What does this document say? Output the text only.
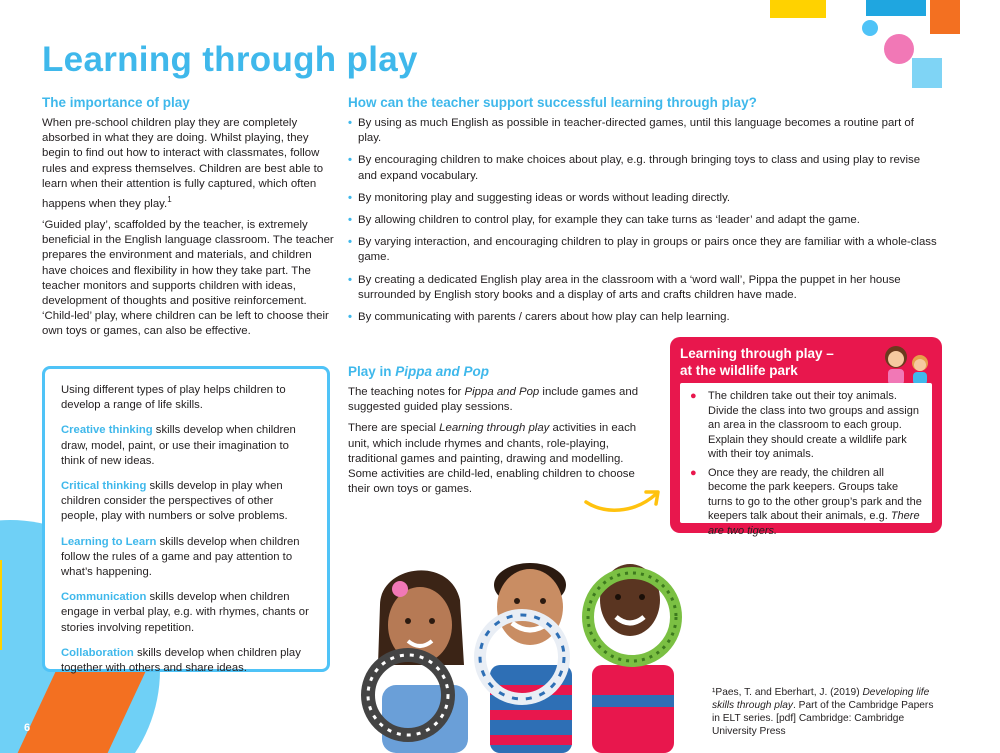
Learning through play
The importance of play

When pre-school children play they are completely absorbed in what they are doing. Whilst playing, they begin to find out how to interact with classmates, follow rules and express themselves. Children are best able to learn when their attention is fully captured, which often happens when they play.$^1$

‘Guided play’, scaffolded by the teacher, is extremely beneficial in the English language classroom. The teacher prepares the environment and materials, and children have choices and flexibility in how they take part. The teacher monitors and supports children with ideas, development of thoughts and positive reinforcement. ‘Child-led’ play, where children can be left to choose their own toys or games, can also be effective.

Using different types of play helps children to develop a range of life skills.

Creative thinking skills develop when children draw, model, paint, or use their imagination to think of new ideas.

Critical thinking skills develop in play when children consider the perspectives of other people, play with numbers or solve problems.

Learning to Learn skills develop when children follow the rules of a game and pay attention to what’s happening.

Communication skills develop when children engage in verbal play, e.g. with rhymes, chants or stories involving repetition.

Collaboration skills develop when children play together with others and share ideas.

How can the teacher support successful learning through play?
• By using as much English as possible in teacher-directed games, until this language becomes a routine part of play.
• By encouraging children to make choices about play, e.g. through bringing toys to class and using play to revise and expand vocabulary.
• By monitoring play and suggesting ideas or words without leading directly.
• By allowing children to control play, for example they can take turns as ‘leader’ and adapt the game.
• By varying interaction, and encouraging children to play in groups or pairs once they are familiar with a whole-class game.
• By creating a dedicated English play area in the classroom with a ‘word wall’, Pippa the puppet in her house surrounded by English story books and a display of arts and crafts children have made.
• By communicating with parents / carers about how play can help learning.
Play in Pippa and Pop

The teaching notes for Pippa and Pop include games and suggested guided play sessions.

There are special Learning through play activities in each unit, which include rhymes and chants, role-playing, traditional games and painting, drawing and modelling. Some activities are child-led, enabling children to choose their own toys or games.

Learning through play –
at the wildlife park
● The children take out their toy animals. Divide the class into two groups and assign an area in the classroom to each group. Explain they should create a wildlife park with their toy animals.
● Once they are ready, the children all become the park keepers. Groups take turns to go to the other group’s park and the keepers talk about their animals, e.g. There are two tigers.
¹Paes, T. and Eberhart, J. (2019) Developing life skills through play. Part of the Cambridge Papers in ELT series. [pdf] Cambridge: Cambridge University Press
6
